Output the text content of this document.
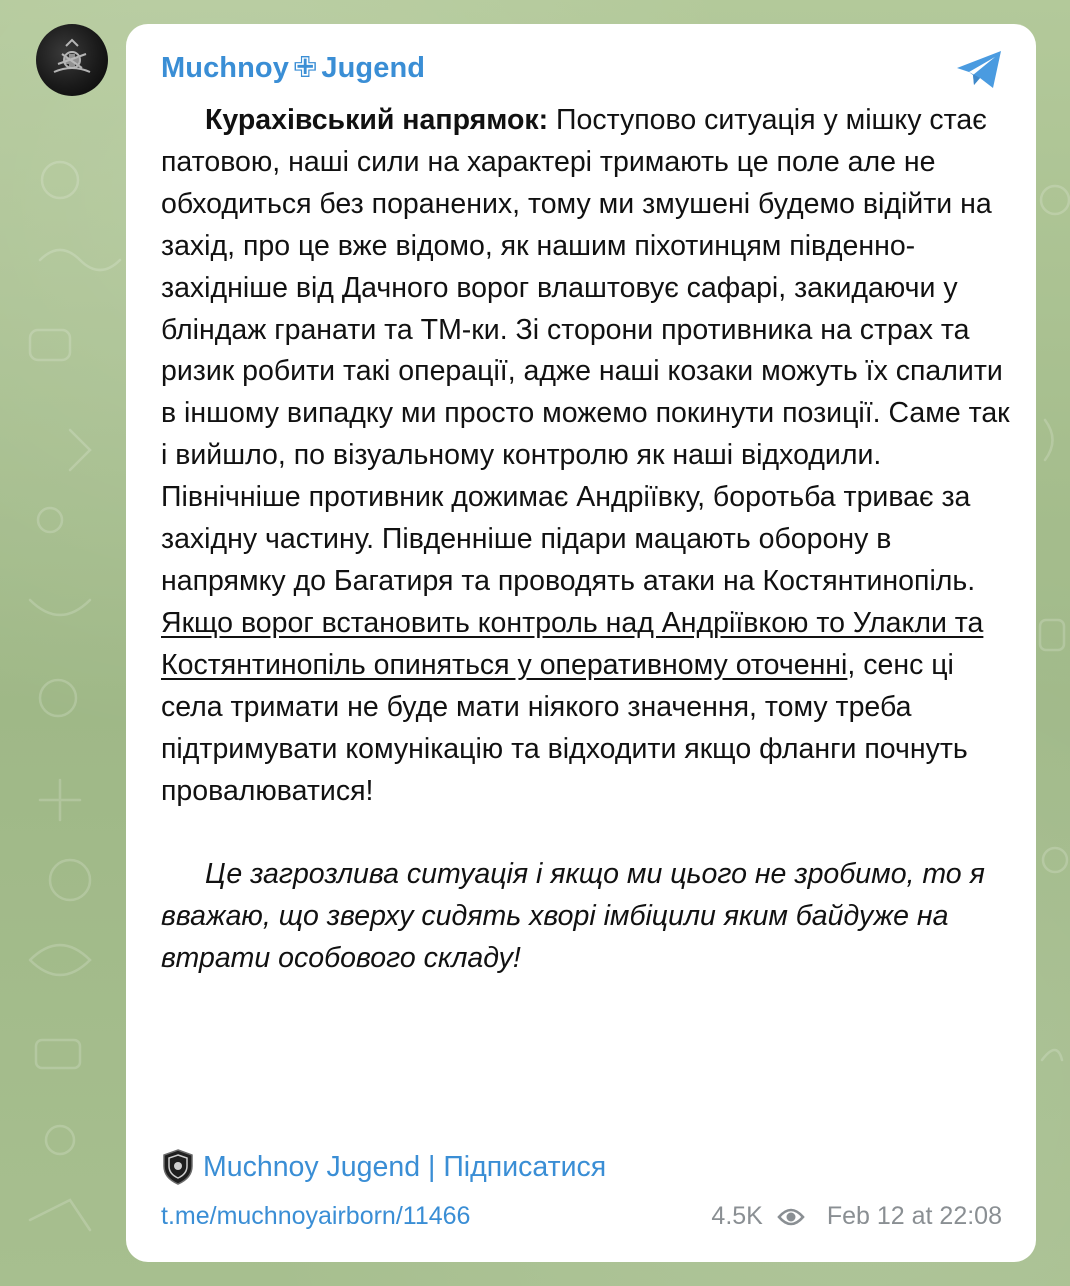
Muchnoy ✙ Jugend

Курахівський напрямок: Поступово ситуація у мішку стає патовою, наші сили на характері тримають це поле але не обходиться без поранених, тому ми змушені будемо відійти на захід, про це вже відомо, як нашим піхотинцям південно-західніше від Дачного ворог влаштовує сафарі, закидаючи у бліндаж гранати та ТМ-ки. Зі сторони противника на страх та ризик робити такі операції, адже наші козаки можуть їх спалити в іншому випадку ми просто можемо покинути позиції. Саме так і вийшло, по візуальному контролю як наші відходили. Північніше противник дожимає Андріївку, боротьба триває за західну частину. Південніше підари мацають оборону в напрямку до Багатиря та проводять атаки на Костянтинопіль. Якщо ворог встановить контроль над Андріївкою то Улакли та Костянтинопіль опиняться у оперативному оточенні, сенс ці села тримати не буде мати ніякого значення, тому треба підтримувати комунікацію та відходити якщо фланги почнуть провалюватися!

Це загрозлива ситуація і якщо ми цього не зробимо, то я вважаю, що зверху сидять хворі імбіцили яким байдуже на втрати особового складу!

Muchnoy Jugend | Підписатися
t.me/muchnoyairborn/11466	4.5K	Feb 12 at 22:08
